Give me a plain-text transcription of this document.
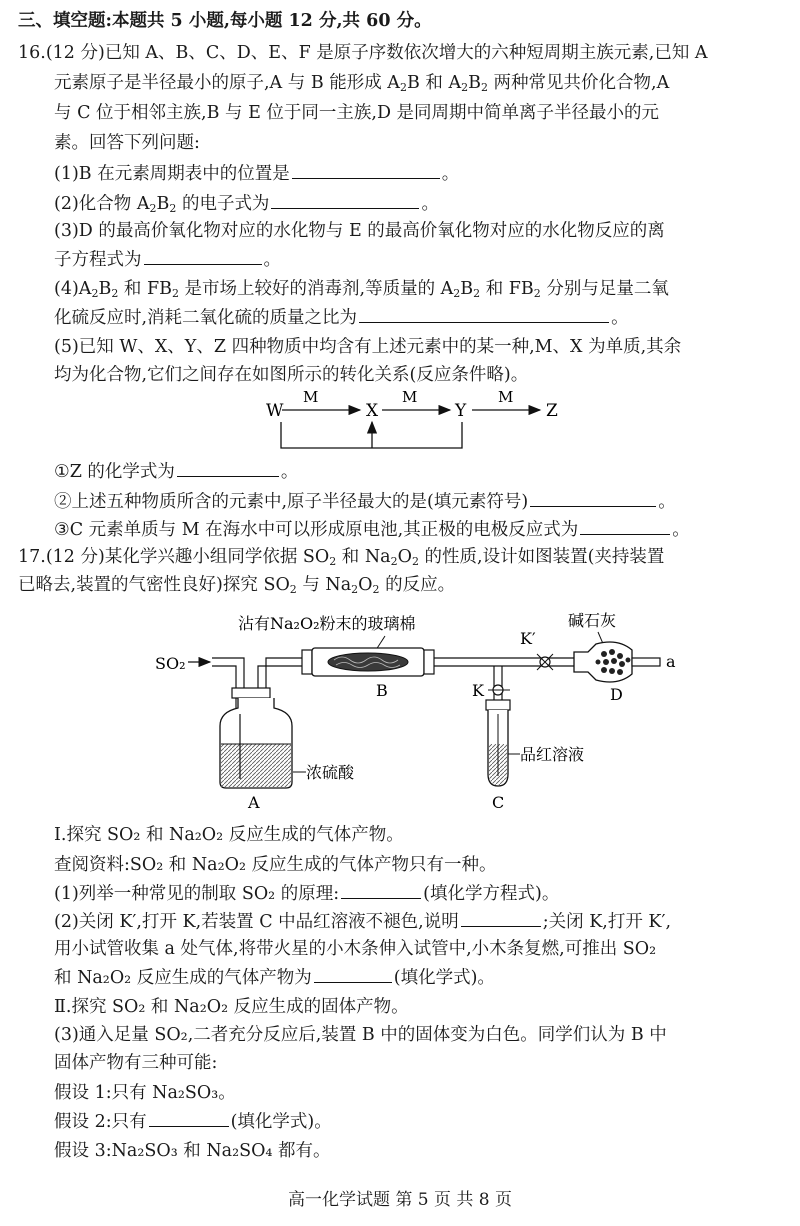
三、填空题:本题共 5 小题,每小题 12 分,共 60 分。
16.(12 分)已知 A、B、C、D、E、F 是原子序数依次增大的六种短周期主族元素,已知 A
元素原子是半径最小的原子,A 与 B 能形成 $A_2B$ 和 $A_2B_2$ 两种常见共价化合物,A
与 C 位于相邻主族,B 与 E 位于同一主族,D 是同周期中简单离子半径最小的元
素。回答下列问题:
(1)B 在元素周期表中的位置是	。
(2)化合物 $A_2B_2$ 的电子式为	。
(3)D 的最高价氧化物对应的水化物与 E 的最高价氧化物对应的水化物反应的离
子方程式为	。
$(4)A_2B_2$ 和 $FB_2$ 是市场上较好的消毒剂,等质量的 $A_2B_2$ 和 $FB_2$ 分别与足量二氧
化硫反应时,消耗二氧化硫的质量之比为	。
(5)已知 W、X、Y、Z 四种物质中均含有上述元素中的某一种,M、X 为单质,其余
均为化合物,它们之间存在如图所示的转化关系(反应条件略)。
W	X	Y	Z
M	M	M
①Z 的化学式为	。
②上述五种物质所含的元素中,原子半径最大的是(填元素符号)	。
③C 元素单质与 M 在海水中可以形成原电池,其正极的电极反应式为	。
17.(12 分)某化学兴趣小组同学依据 $SO_2$ 和 $Na_2O_2$ 的性质,设计如图装置(夹持装置
已略去,装置的气密性良好)探究 $SO_2$ 与 $Na_2O_2$ 的反应。
沾有Na₂O₂粉末的玻璃棉	碱石灰
SO₂
浓硫酸
A
B
K′
a
D
K
品红溶液
C
Ⅰ.探究 SO₂ 和 Na₂O₂ 反应生成的气体产物。
查阅资料:SO₂ 和 Na₂O₂ 反应生成的气体产物只有一种。
(1)列举一种常见的制取 SO₂ 的原理:	(填化学方程式)。
(2)关闭 K′,打开 K,若装置 C 中品红溶液不褪色,说明	;关闭 K,打开 K′,
用小试管收集 a 处气体,将带火星的小木条伸入试管中,小木条复燃,可推出 SO₂
和 Na₂O₂ 反应生成的气体产物为	(填化学式)。
Ⅱ.探究 SO₂ 和 Na₂O₂ 反应生成的固体产物。
(3)通入足量 SO₂,二者充分反应后,装置 B 中的固体变为白色。同学们认为 B 中
固体产物有三种可能:
假设 1:只有 Na₂SO₃。
假设 2:只有	(填化学式)。
假设 3:Na₂SO₃ 和 Na₂SO₄ 都有。
高一化学试题 第 5 页 共 8 页
